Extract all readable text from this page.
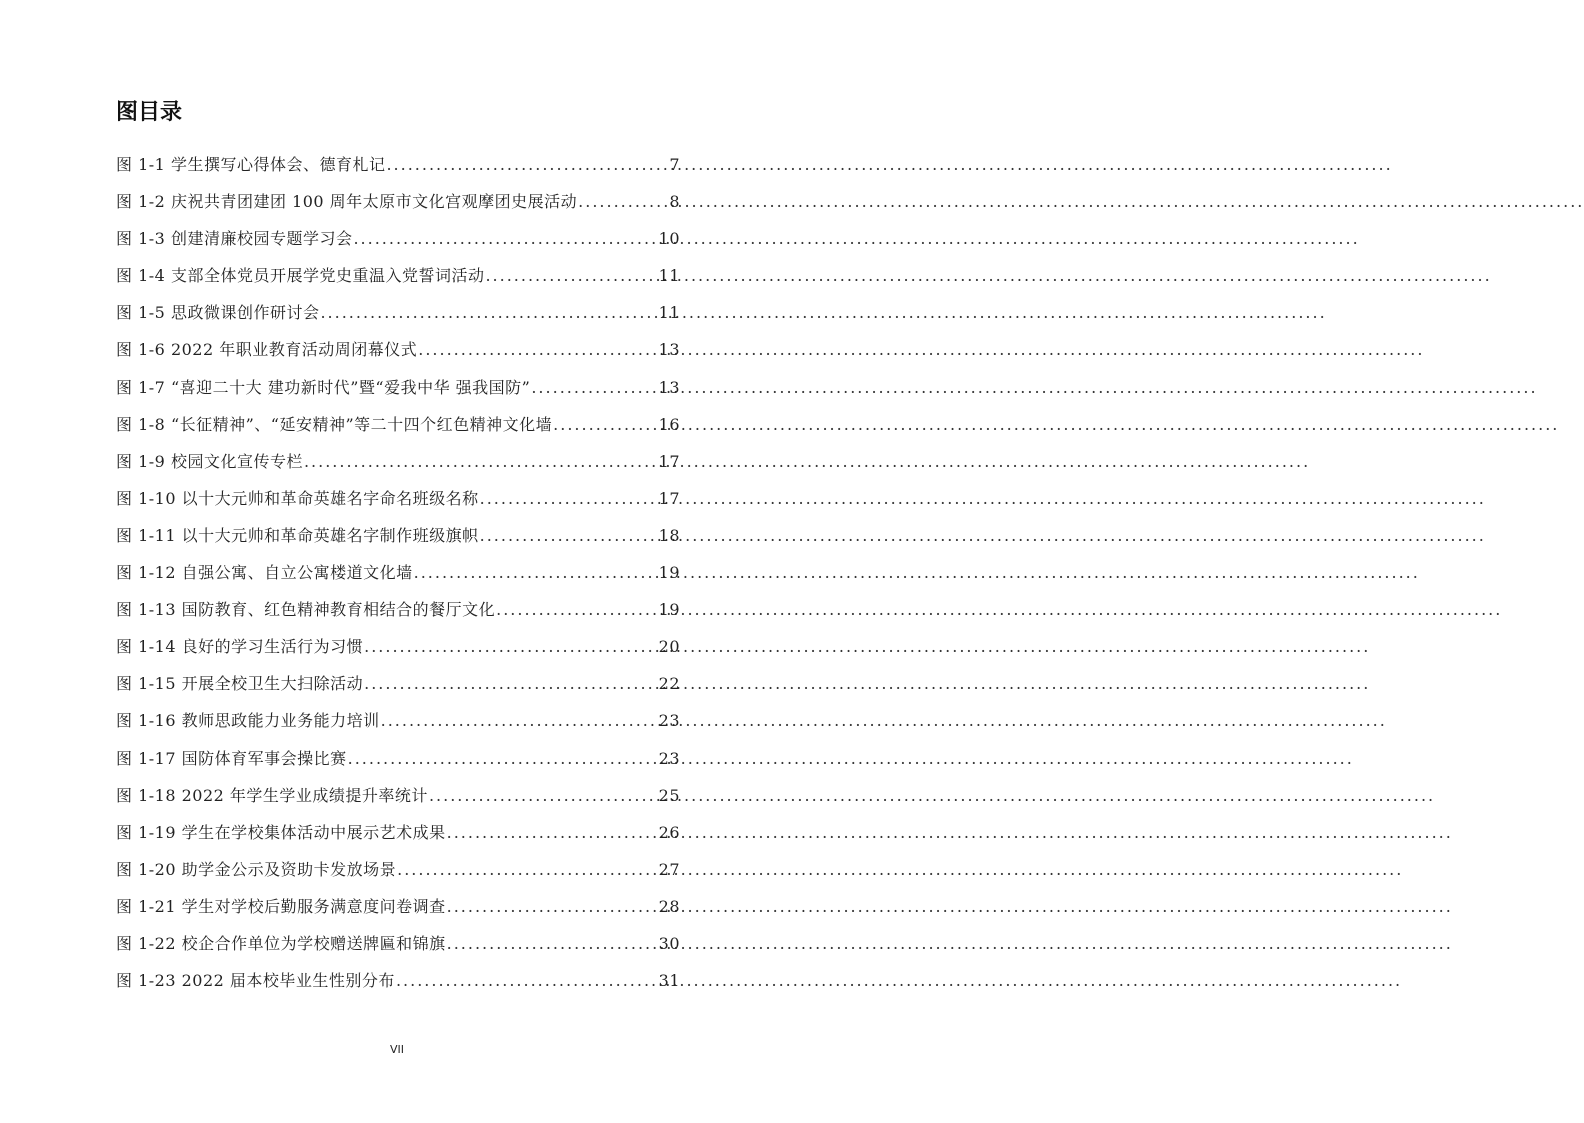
图目录
图 1-1 学生撰写心得体会、德育札记 .....	7
图 1-2 庆祝共青团建团 100 周年太原市文化宫观摩团史展活动 .....	8
图 1-3 创建清廉校园专题学习会 .....	10
图 1-4 支部全体党员开展学党史重温入党誓词活动 .....	11
图 1-5 思政微课创作研讨会 .....	11
图 1-6 2022 年职业教育活动周闭幕仪式 .....	13
图 1-7 “喜迎二十大 建功新时代”暨“爱我中华 强我国防” .....	13
图 1-8 “长征精神”、“延安精神”等二十四个红色精神文化墙 .....	16
图 1-9 校园文化宣传专栏 .....	17
图 1-10 以十大元帅和革命英雄名字命名班级名称 .....	17
图 1-11 以十大元帅和革命英雄名字制作班级旗帜 .....	18
图 1-12 自强公寓、自立公寓楼道文化墙 .....	19
图 1-13 国防教育、红色精神教育相结合的餐厅文化 .....	19
图 1-14 良好的学习生活行为习惯 .....	20
图 1-15 开展全校卫生大扫除活动 .....	22
图 1-16 教师思政能力业务能力培训 .....	23
图 1-17 国防体育军事会操比赛 .....	23
图 1-18 2022 年学生学业成绩提升率统计 .....	25
图 1-19 学生在学校集体活动中展示艺术成果 .....	26
图 1-20 助学金公示及资助卡发放场景 .....	27
图 1-21 学生对学校后勤服务满意度问卷调查 .....	28
图 1-22 校企合作单位为学校赠送牌匾和锦旗 .....	30
图 1-23 2022 届本校毕业生性别分布 .....	31
VII
